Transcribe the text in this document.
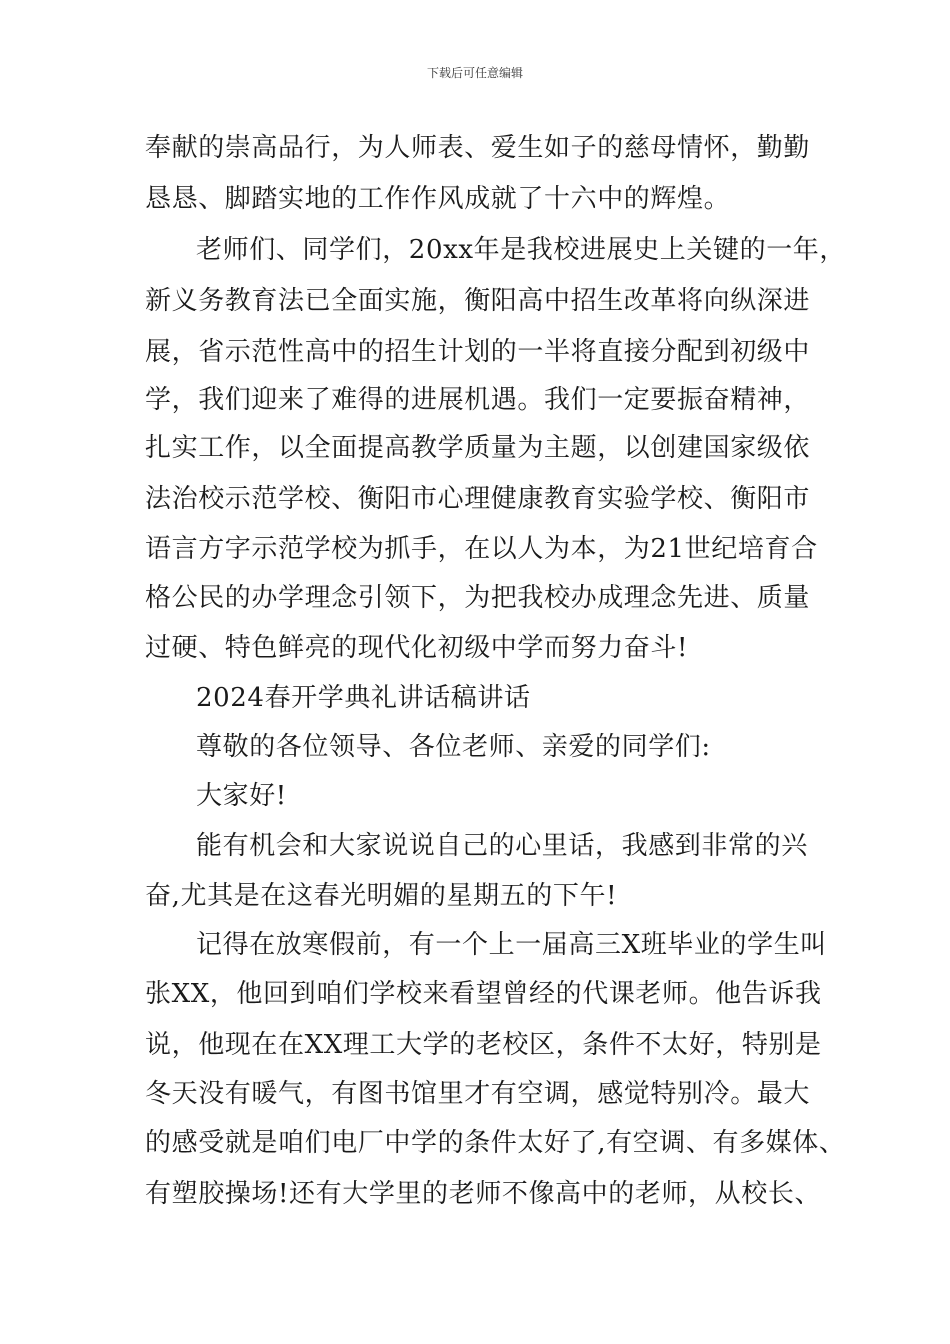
下载后可任意编辑
奉献的崇高品行，为人师表、爱生如子的慈母情怀，勤勤
恳恳、脚踏实地的工作作风成就了十六中的辉煌。
老师们、同学们，20xx年是我校进展史上关键的一年，
新义务教育法已全面实施，衡阳高中招生改革将向纵深进
展，省示范性高中的招生计划的一半将直接分配到初级中
学，我们迎来了难得的进展机遇。我们一定要振奋精神，
扎实工作，以全面提高教学质量为主题，以创建国家级依
法治校示范学校、衡阳市心理健康教育实验学校、衡阳市
语言方字示范学校为抓手，在以人为本，为21世纪培育合
格公民的办学理念引领下，为把我校办成理念先进、质量
过硬、特色鲜亮的现代化初级中学而努力奋斗!
2024春开学典礼讲话稿讲话
尊敬的各位领导、各位老师、亲爱的同学们:
大家好!
能有机会和大家说说自己的心里话，我感到非常的兴
奋,尤其是在这春光明媚的星期五的下午!
记得在放寒假前，有一个上一届高三X班毕业的学生叫
张XX，他回到咱们学校来看望曾经的代课老师。他告诉我
说，他现在在XX理工大学的老校区，条件不太好，特别是
冬天没有暖气，有图书馆里才有空调，感觉特别冷。最大
的感受就是咱们电厂中学的条件太好了,有空调、有多媒体、
有塑胶操场!还有大学里的老师不像高中的老师，从校长、
